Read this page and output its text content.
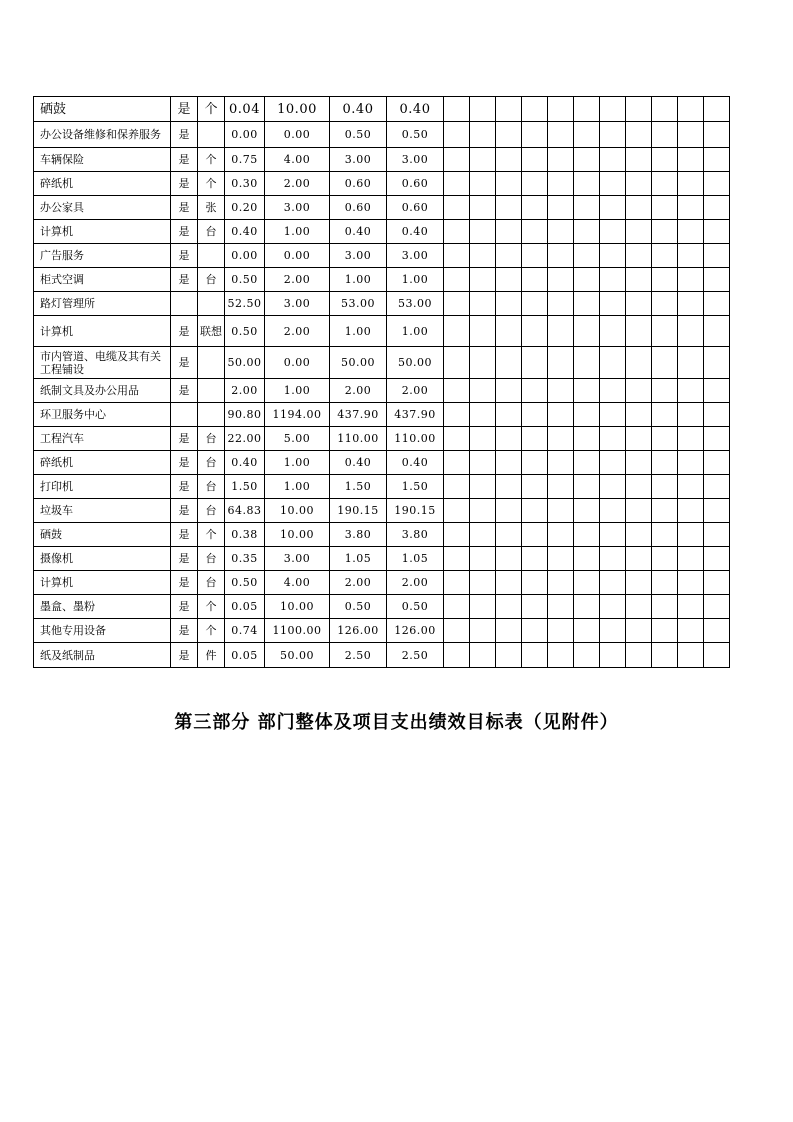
硒鼓	是	个	0.04	10.00	0.40	0.40											
办公设备维修和保养服务	是		0.00	0.00	0.50	0.50											
车辆保险	是	个	0.75	4.00	3.00	3.00											
碎纸机	是	个	0.30	2.00	0.60	0.60											
办公家具	是	张	0.20	3.00	0.60	0.60											
计算机	是	台	0.40	1.00	0.40	0.40											
广告服务	是		0.00	0.00	3.00	3.00											
柜式空调	是	台	0.50	2.00	1.00	1.00											
路灯管理所			52.50	3.00	53.00	53.00											
计算机	是	联想	0.50	2.00	1.00	1.00											
市内管道、电缆及其有关工程铺设	是		50.00	0.00	50.00	50.00											
纸制文具及办公用品	是		2.00	1.00	2.00	2.00											
环卫服务中心			90.80	1194.00	437.90	437.90											
工程汽车	是	台	22.00	5.00	110.00	110.00											
碎纸机	是	台	0.40	1.00	0.40	0.40											
打印机	是	台	1.50	1.00	1.50	1.50											
垃圾车	是	台	64.83	10.00	190.15	190.15											
硒鼓	是	个	0.38	10.00	3.80	3.80											
摄像机	是	台	0.35	3.00	1.05	1.05											
计算机	是	台	0.50	4.00	2.00	2.00											
墨盒、墨粉	是	个	0.05	10.00	0.50	0.50											
其他专用设备	是	个	0.74	1100.00	126.00	126.00											
纸及纸制品	是	件	0.05	50.00	2.50	2.50											
第三部分 部门整体及项目支出绩效目标表（见附件）
